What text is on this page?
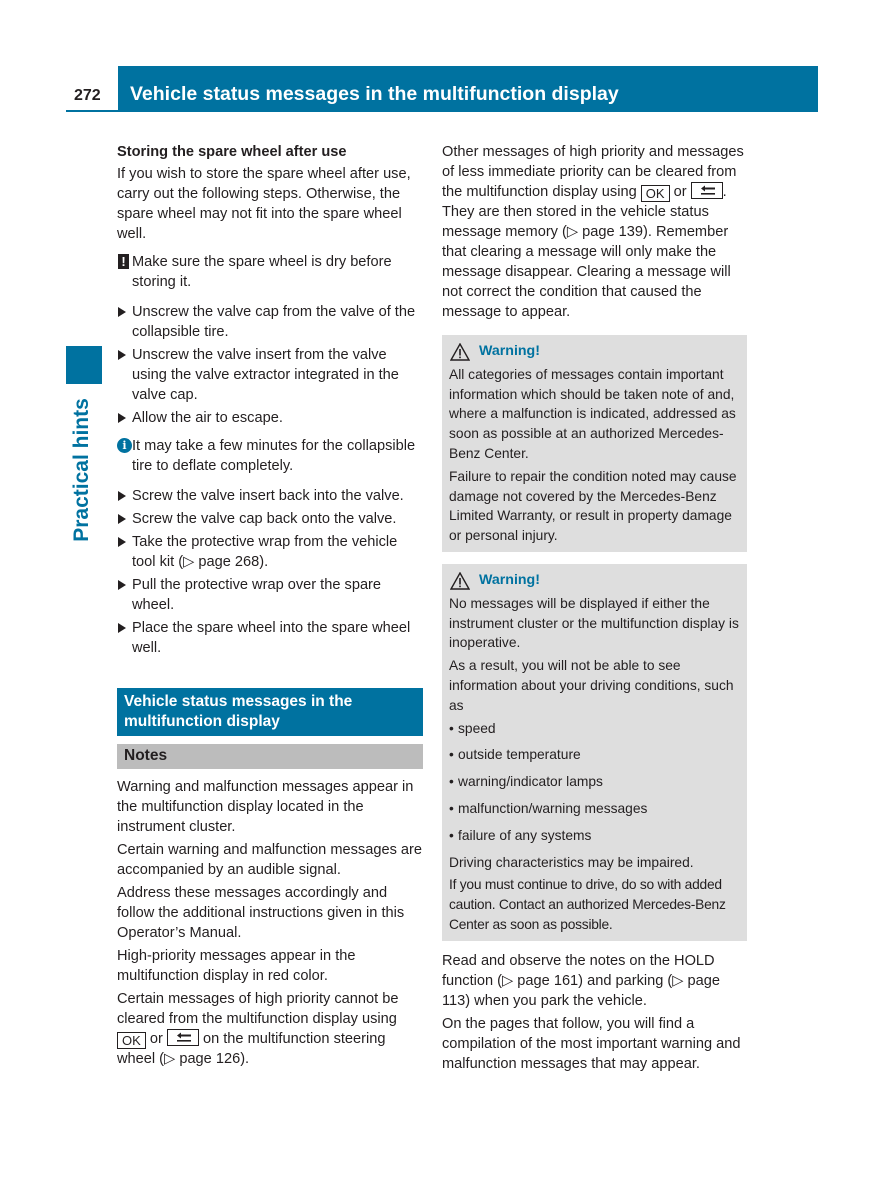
272 Vehicle status messages in the multifunction display
Practical hints

Storing the spare wheel after use

If you wish to store the spare wheel after use, carry out the following steps. Otherwise, the spare wheel may not fit into the spare wheel well.

! Make sure the spare wheel is dry before storing it.
Unscrew the valve cap from the valve of the collapsible tire.
Unscrew the valve insert from the valve using the valve extractor integrated in the valve cap.
Allow the air to escape.
i It may take a few minutes for the collapsible tire to deflate completely.
Screw the valve insert back into the valve.
Screw the valve cap back onto the valve.
Take the protective wrap from the vehicle tool kit (▷ page 268).
Pull the protective wrap over the spare wheel.
Place the spare wheel into the spare wheel well.
Vehicle status messages in the multifunction display
Notes

Warning and malfunction messages appear in the multifunction display located in the instrument cluster.

Certain warning and malfunction messages are accompanied by an audible signal.

Address these messages accordingly and follow the additional instructions given in this Operator’s Manual.

High-priority messages appear in the multifunction display in red color.

Certain messages of high priority cannot be cleared from the multifunction display using OK or	on the multifunction steering wheel (▷ page 126).

Other messages of high priority and messages of less immediate priority can be cleared from the multifunction display using OK or . They are then stored in the vehicle status message memory (▷ page 139). Remember that clearing a message will only make the message disappear. Clearing a message will not correct the condition that caused the message to appear.

Warning!

All categories of messages contain important information which should be taken note of and, where a malfunction is indicated, addressed as soon as possible at an authorized Mercedes-Benz Center.

Failure to repair the condition noted may cause damage not covered by the Mercedes-Benz Limited Warranty, or result in property damage or personal injury.

Warning!

No messages will be displayed if either the instrument cluster or the multifunction display is inoperative.

As a result, you will not be able to see information about your driving conditions, such as

• speed
• outside temperature
• warning/indicator lamps
• malfunction/warning messages
• failure of any systems

Driving characteristics may be impaired.

If you must continue to drive, do so with added caution. Contact an authorized Mercedes-Benz Center as soon as possible.

Read and observe the notes on the HOLD function (▷ page 161) and parking (▷ page 113) when you park the vehicle.

On the pages that follow, you will find a compilation of the most important warning and malfunction messages that may appear.
